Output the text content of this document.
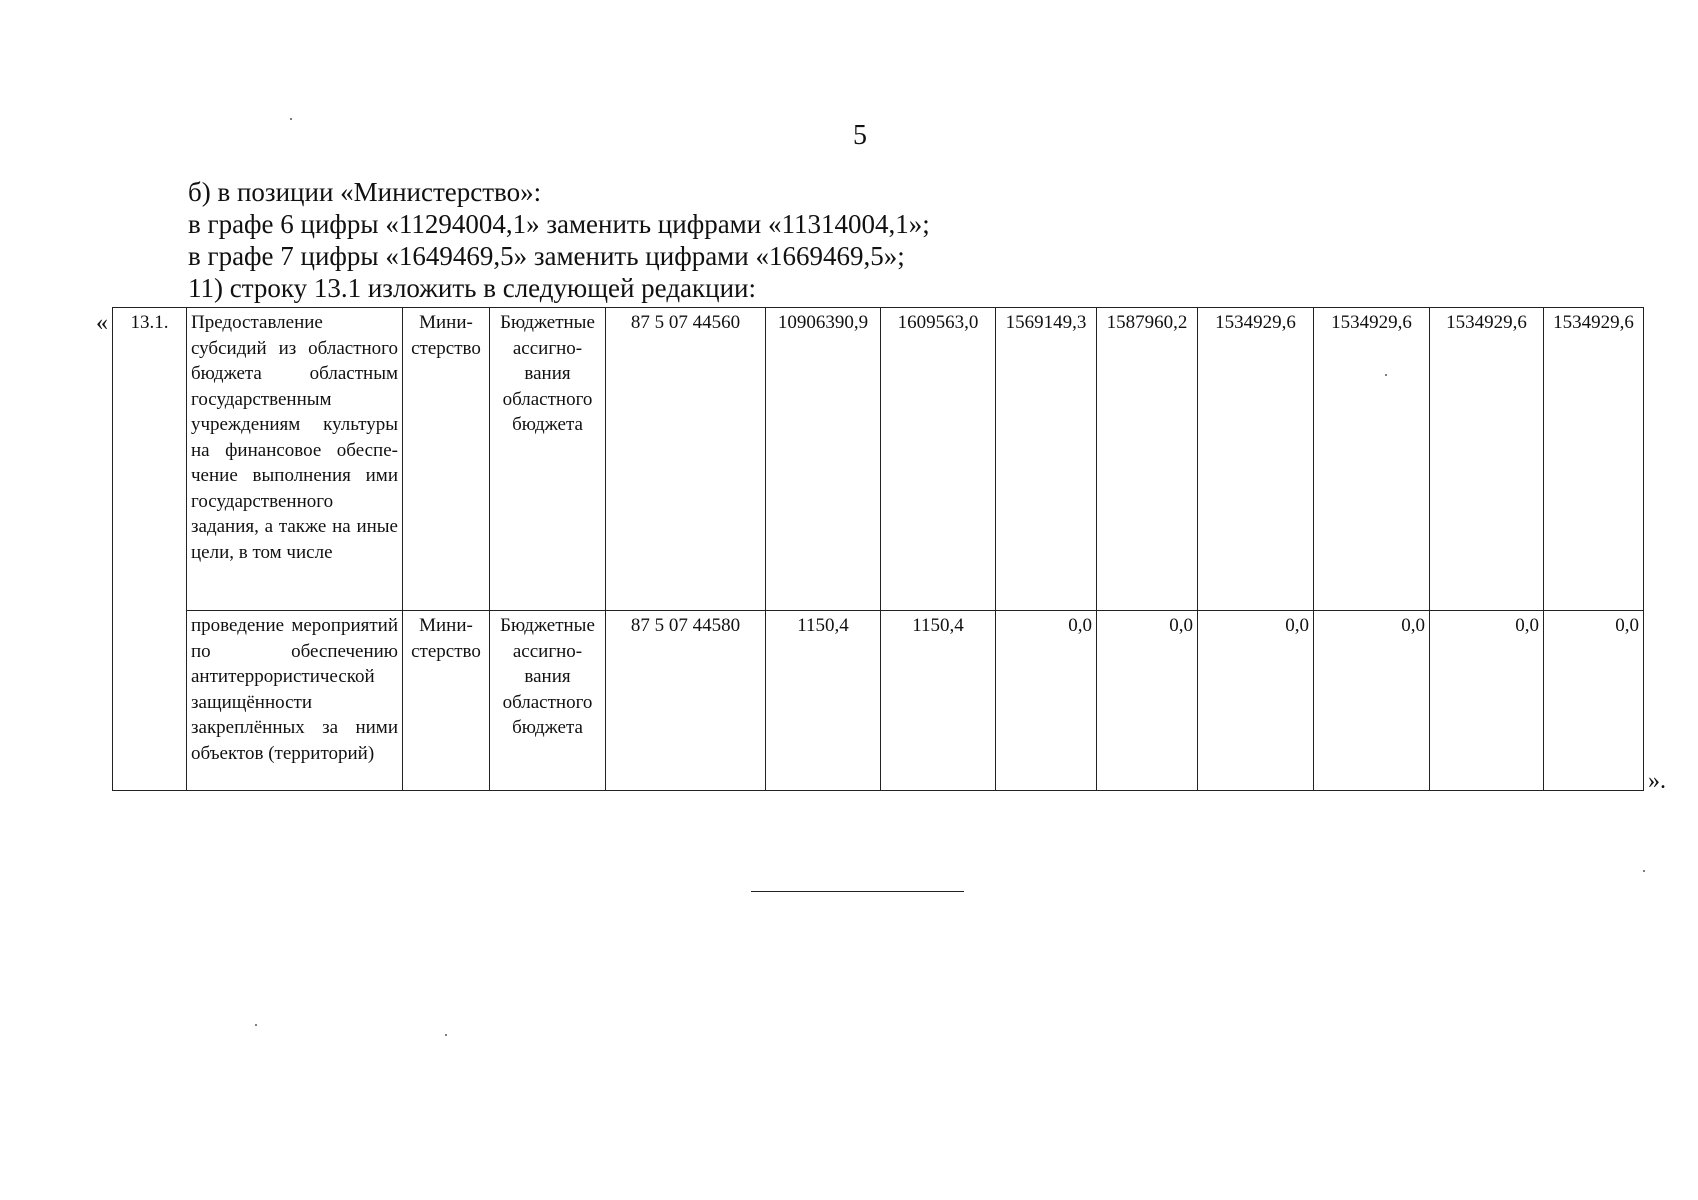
5

б) в позиции «Министерство»:

в графе 6 цифры «11294004,1» заменить цифрами «11314004,1»;

в графе 7 цифры «1649469,5» заменить цифрами «1669469,5»;

11) строку 13.1 изложить в следующей редакции:

« 13.1.	Предоставление субсидий из областного бюджета областным государственным учреждениям культуры на финансовое обеспечение выполнения ими государственного задания, а также на иные цели, в том числе	Министерство	Бюджетные ассигнования областного бюджета	87 5 07 44560	10906390,9	1609563,0	1569149,3	1587960,2	1534929,6	1534929,6	1534929,6	1534929,6
	проведение мероприятий по обеспечению антитеррористической защищённости закреплённых за ними объектов (территорий)	Министерство	Бюджетные ассигнования областного бюджета	87 5 07 44580	1150,4	1150,4	0,0	0,0	0,0	0,0	0,0	0,0
».
